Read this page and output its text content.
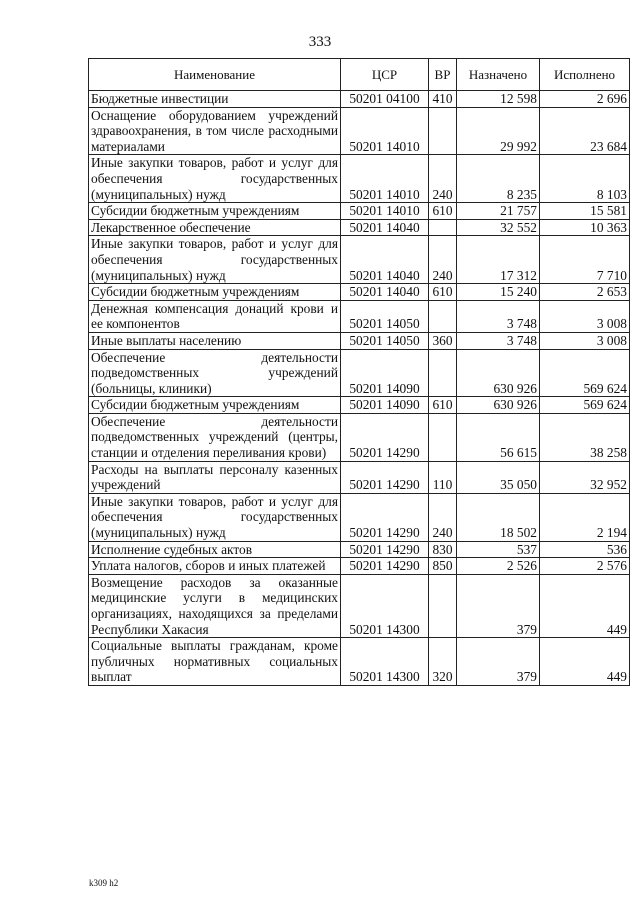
333
Наименование	ЦСР	ВР	Назначено	Исполнено
Бюджетные инвестиции	50201 04100	410	12 598	2 696
Оснащение оборудованием учреждений здравоохранения, в том числе расходными материалами	50201 14010		29 992	23 684
Иные закупки товаров, работ и услуг для обеспечения государственных (муниципальных) нужд	50201 14010	240	8 235	8 103
Субсидии бюджетным учреждениям	50201 14010	610	21 757	15 581
Лекарственное обеспечение	50201 14040		32 552	10 363
Иные закупки товаров, работ и услуг для обеспечения государственных (муниципальных) нужд	50201 14040	240	17 312	7 710
Субсидии бюджетным учреждениям	50201 14040	610	15 240	2 653
Денежная компенсация донаций крови и ее компонентов	50201 14050		3 748	3 008
Иные выплаты населению	50201 14050	360	3 748	3 008
Обеспечение деятельности подведомственных учреждений (больницы, клиники)	50201 14090		630 926	569 624
Субсидии бюджетным учреждениям	50201 14090	610	630 926	569 624
Обеспечение деятельности подведомственных учреждений (центры, станции и отделения переливания крови)	50201 14290		56 615	38 258
Расходы на выплаты персоналу казенных учреждений	50201 14290	110	35 050	32 952
Иные закупки товаров, работ и услуг для обеспечения государственных (муниципальных) нужд	50201 14290	240	18 502	2 194
Исполнение судебных актов	50201 14290	830	537	536
Уплата налогов, сборов и иных платежей	50201 14290	850	2 526	2 576
Возмещение расходов за оказанные медицинские услуги в медицинских организациях, находящихся за пределами Республики Хакасия	50201 14300		379	449
Социальные выплаты гражданам, кроме публичных нормативных социальных выплат	50201 14300	320	379	449
k309 h2
